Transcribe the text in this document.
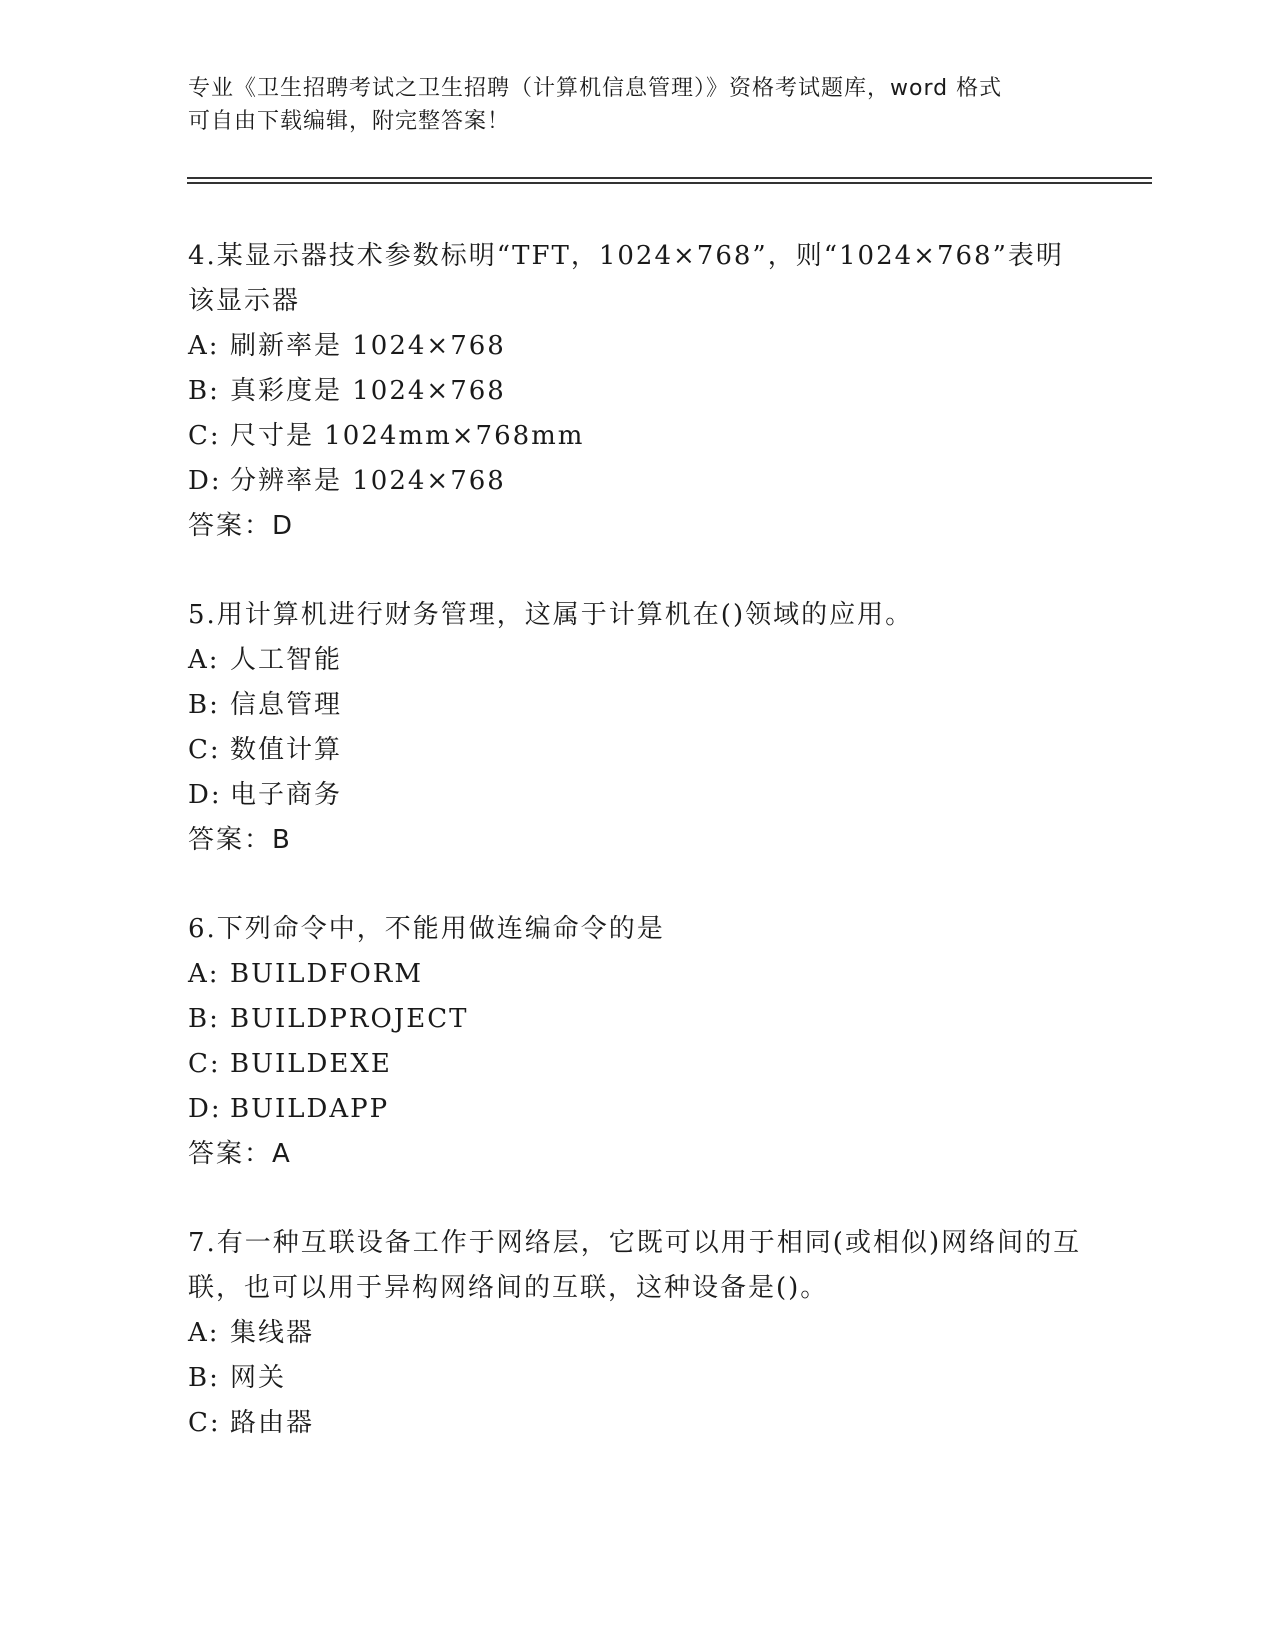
专业《卫生招聘考试之卫生招聘（计算机信息管理）》资格考试题库，word 格式
可自由下载编辑，附完整答案！
4.某显示器技术参数标明“TFT，1024×768”，则“1024×768”表明该显示器
A: 刷新率是 1024×768
B: 真彩度是 1024×768
C: 尺寸是 1024mm×768mm
D: 分辨率是 1024×768
答案：D
5.用计算机进行财务管理，这属于计算机在()领域的应用。
A: 人工智能
B: 信息管理
C: 数值计算
D: 电子商务
答案：B
6.下列命令中，不能用做连编命令的是
A: BUILDFORM
B: BUILDPROJECT
C: BUILDEXE
D: BUILDAPP
答案：A
7.有一种互联设备工作于网络层，它既可以用于相同(或相似)网络间的互联，也可以用于异构网络间的互联，这种设备是()。
A: 集线器
B: 网关
C: 路由器
